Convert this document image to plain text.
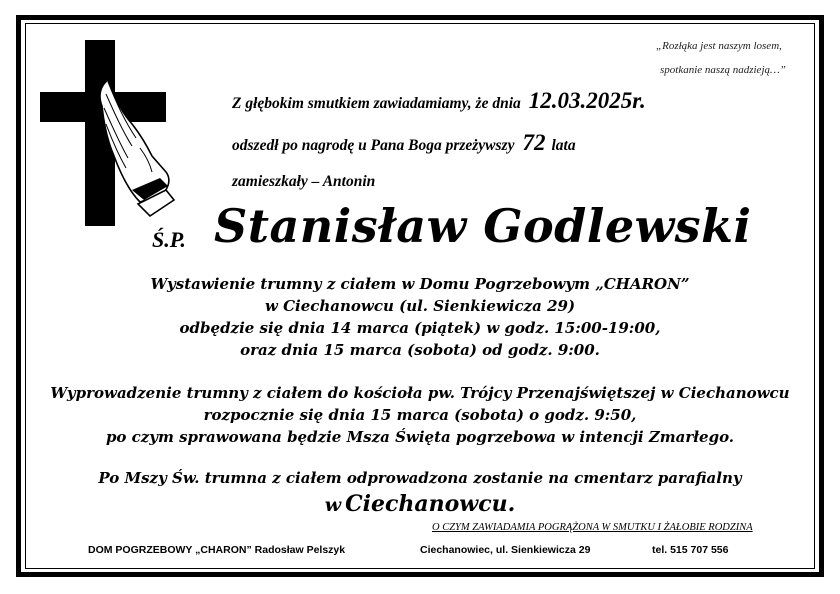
„Rozłąka jest naszym losem,
spotkanie naszą nadzieją…”
Z głębokim smutkiem zawiadamiamy, że dnia 12.03.2025r.
odszedł po nagrodę u Pana Boga przeżywszy 72 lata
zamieszkały – Antonin
Ś.P. Stanisław Godlewski
Wystawienie trumny z ciałem w Domu Pogrzebowym „CHARON”
w Ciechanowcu (ul. Sienkiewicza 29)
odbędzie się dnia 14 marca (piątek) w godz. 15:00-19:00,
oraz dnia 15 marca (sobota) od godz. 9:00.
Wyprowadzenie trumny z ciałem do kościoła pw. Trójcy Przenajświętszej w Ciechanowcu
rozpocznie się dnia 15 marca (sobota) o godz. 9:50,
po czym sprawowana będzie Msza Święta pogrzebowa w intencji Zmarłego.
Po Mszy Św. trumna z ciałem odprowadzona zostanie na cmentarz parafialny
w Ciechanowcu.
O CZYM ZAWIADAMIA POGRĄŻONA W SMUTKU I ŻAŁOBIE RODZINA
DOM POGRZEBOWY „CHARON” Radosław Pelszyk	Ciechanowiec, ul. Sienkiewicza 29	tel. 515 707 556
